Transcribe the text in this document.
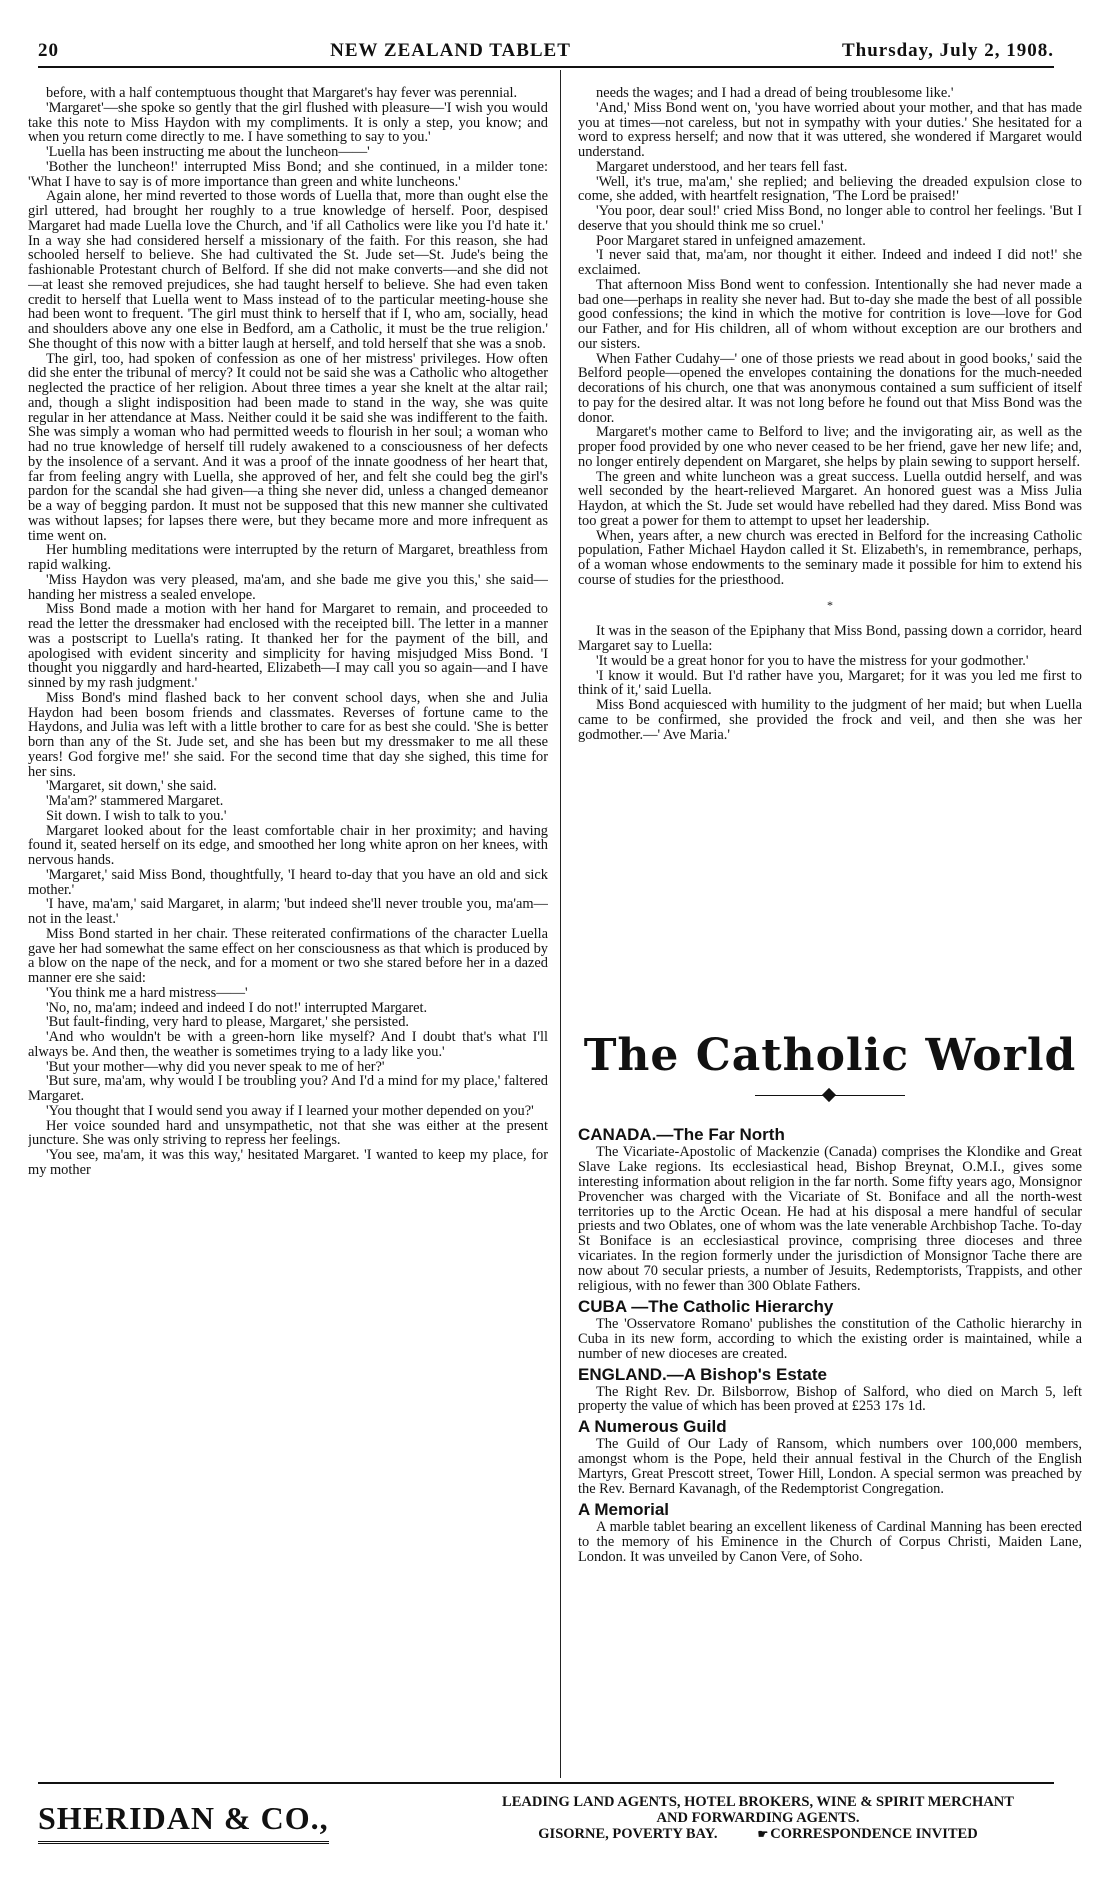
20	NEW ZEALAND TABLET	Thursday, July 2, 1908.

before, with a half contemptuous thought that Margaret's hay fever was perennial.

'Margaret'—she spoke so gently that the girl flushed with pleasure—'I wish you would take this note to Miss Haydon with my compliments. It is only a step, you know; and when you return come directly to me. I have something to say to you.'

'Luella has been instructing me about the luncheon——'

'Bother the luncheon!' interrupted Miss Bond; and she continued, in a milder tone: 'What I have to say is of more importance than green and white luncheons.'

Again alone, her mind reverted to those words of Luella that, more than ought else the girl uttered, had brought her roughly to a true knowledge of herself. Poor, despised Margaret had made Luella love the Church, and 'if all Catholics were like you I'd hate it.' In a way she had considered herself a missionary of the faith. For this reason, she had schooled herself to believe. She had cultivated the St. Jude set—St. Jude's being the fashionable Protestant church of Belford. If she did not make converts—and she did not—at least she removed prejudices, she had taught herself to believe. She had even taken credit to herself that Luella went to Mass instead of to the particular meeting-house she had been wont to frequent. 'The girl must think to herself that if I, who am, socially, head and shoulders above any one else in Bedford, am a Catholic, it must be the true religion.' She thought of this now with a bitter laugh at herself, and told herself that she was a snob.

The girl, too, had spoken of confession as one of her mistress' privileges. How often did she enter the tribunal of mercy? It could not be said she was a Catholic who altogether neglected the practice of her religion. About three times a year she knelt at the altar rail; and, though a slight indisposition had been made to stand in the way, she was quite regular in her attendance at Mass. Neither could it be said she was indifferent to the faith. She was simply a woman who had permitted weeds to flourish in her soul; a woman who had no true knowledge of herself till rudely awakened to a consciousness of her defects by the insolence of a servant. And it was a proof of the innate goodness of her heart that, far from feeling angry with Luella, she approved of her, and felt she could beg the girl's pardon for the scandal she had given—a thing she never did, unless a changed demeanor be a way of begging pardon. It must not be supposed that this new manner she cultivated was without lapses; for lapses there were, but they became more and more infrequent as time went on.

Her humbling meditations were interrupted by the return of Margaret, breathless from rapid walking.

'Miss Haydon was very pleased, ma'am, and she bade me give you this,' she said—handing her mistress a sealed envelope.

Miss Bond made a motion with her hand for Margaret to remain, and proceeded to read the letter the dressmaker had enclosed with the receipted bill. The letter in a manner was a postscript to Luella's rating. It thanked her for the payment of the bill, and apologised with evident sincerity and simplicity for having misjudged Miss Bond. 'I thought you niggardly and hard-hearted, Elizabeth—I may call you so again—and I have sinned by my rash judgment.'

Miss Bond's mind flashed back to her convent school days, when she and Julia Haydon had been bosom friends and classmates. Reverses of fortune came to the Haydons, and Julia was left with a little brother to care for as best she could. 'She is better born than any of the St. Jude set, and she has been but my dressmaker to me all these years! God forgive me!' she said. For the second time that day she sighed, this time for her sins.

'Margaret, sit down,' she said.

'Ma'am?' stammered Margaret.

Sit down. I wish to talk to you.'

Margaret looked about for the least comfortable chair in her proximity; and having found it, seated herself on its edge, and smoothed her long white apron on her knees, with nervous hands.

'Margaret,' said Miss Bond, thoughtfully, 'I heard to-day that you have an old and sick mother.'

'I have, ma'am,' said Margaret, in alarm; 'but indeed she'll never trouble you, ma'am—not in the least.'

Miss Bond started in her chair. These reiterated confirmations of the character Luella gave her had somewhat the same effect on her consciousness as that which is produced by a blow on the nape of the neck, and for a moment or two she stared before her in a dazed manner ere she said:

'You think me a hard mistress——'

'No, no, ma'am; indeed and indeed I do not!' interrupted Margaret.

'But fault-finding, very hard to please, Margaret,' she persisted.

'And who wouldn't be with a green-horn like myself? And I doubt that's what I'll always be. And then, the weather is sometimes trying to a lady like you.'

'But your mother—why did you never speak to me of her?'

'But sure, ma'am, why would I be troubling you? And I'd a mind for my place,' faltered Margaret.

'You thought that I would send you away if I learned your mother depended on you?'

Her voice sounded hard and unsympathetic, not that she was either at the present juncture. She was only striving to repress her feelings.

'You see, ma'am, it was this way,' hesitated Margaret. 'I wanted to keep my place, for my mother

needs the wages; and I had a dread of being troublesome like.'

'And,' Miss Bond went on, 'you have worried about your mother, and that has made you at times—not careless, but not in sympathy with your duties.' She hesitated for a word to express herself; and now that it was uttered, she wondered if Margaret would understand.

Margaret understood, and her tears fell fast.

'Well, it's true, ma'am,' she replied; and believing the dreaded expulsion close to come, she added, with heartfelt resignation, 'The Lord be praised!'

'You poor, dear soul!' cried Miss Bond, no longer able to control her feelings. 'But I deserve that you should think me so cruel.'

Poor Margaret stared in unfeigned amazement.

'I never said that, ma'am, nor thought it either. Indeed and indeed I did not!' she exclaimed.

That afternoon Miss Bond went to confession. Intentionally she had never made a bad one—perhaps in reality she never had. But to-day she made the best of all possible good confessions; the kind in which the motive for contrition is love—love for God our Father, and for His children, all of whom without exception are our brothers and our sisters.

When Father Cudahy—' one of those priests we read about in good books,' said the Belford people—opened the envelopes containing the donations for the much-needed decorations of his church, one that was anonymous contained a sum sufficient of itself to pay for the desired altar. It was not long before he found out that Miss Bond was the donor.

Margaret's mother came to Belford to live; and the invigorating air, as well as the proper food provided by one who never ceased to be her friend, gave her new life; and, no longer entirely dependent on Margaret, she helps by plain sewing to support herself.

The green and white luncheon was a great success. Luella outdid herself, and was well seconded by the heart-relieved Margaret. An honored guest was a Miss Julia Haydon, at which the St. Jude set would have rebelled had they dared. Miss Bond was too great a power for them to attempt to upset her leadership.

When, years after, a new church was erected in Belford for the increasing Catholic population, Father Michael Haydon called it St. Elizabeth's, in remembrance, perhaps, of a woman whose endowments to the seminary made it possible for him to extend his course of studies for the priesthood.

*

It was in the season of the Epiphany that Miss Bond, passing down a corridor, heard Margaret say to Luella:

'It would be a great honor for you to have the mistress for your godmother.'

'I know it would. But I'd rather have you, Margaret; for it was you led me first to think of it,' said Luella.

Miss Bond acquiesced with humility to the judgment of her maid; but when Luella came to be confirmed, she provided the frock and veil, and then she was her godmother.—' Ave Maria.'

The Catholic World
CANADA.—The Far North

The Vicariate-Apostolic of Mackenzie (Canada) comprises the Klondike and Great Slave Lake regions. Its ecclesiastical head, Bishop Breynat, O.M.I., gives some interesting information about religion in the far north. Some fifty years ago, Monsignor Provencher was charged with the Vicariate of St. Boniface and all the north-west territories up to the Arctic Ocean. He had at his disposal a mere handful of secular priests and two Oblates, one of whom was the late venerable Archbishop Tache. To-day St Boniface is an ecclesiastical province, comprising three dioceses and three vicariates. In the region formerly under the jurisdiction of Monsignor Tache there are now about 70 secular priests, a number of Jesuits, Redemptorists, Trappists, and other religious, with no fewer than 300 Oblate Fathers.

CUBA —The Catholic Hierarchy

The 'Osservatore Romano' publishes the constitution of the Catholic hierarchy in Cuba in its new form, according to which the existing order is maintained, while a number of new dioceses are created.

ENGLAND.—A Bishop's Estate

The Right Rev. Dr. Bilsborrow, Bishop of Salford, who died on March 5, left property the value of which has been proved at £253 17s 1d.

A Numerous Guild

The Guild of Our Lady of Ransom, which numbers over 100,000 members, amongst whom is the Pope, held their annual festival in the Church of the English Martyrs, Great Prescott street, Tower Hill, London. A special sermon was preached by the Rev. Bernard Kavanagh, of the Redemptorist Congregation.

A Memorial

A marble tablet bearing an excellent likeness of Cardinal Manning has been erected to the memory of his Eminence in the Church of Corpus Christi, Maiden Lane, London. It was unveiled by Canon Vere, of Soho.

SHERIDAN & CO.,	LEADING LAND AGENTS, HOTEL BROKERS, WINE & SPIRIT MERCHANT
AND FORWARDING AGENTS.
GISORNE, POVERTY BAY.	☛ CORRESPONDENCE INVITED
